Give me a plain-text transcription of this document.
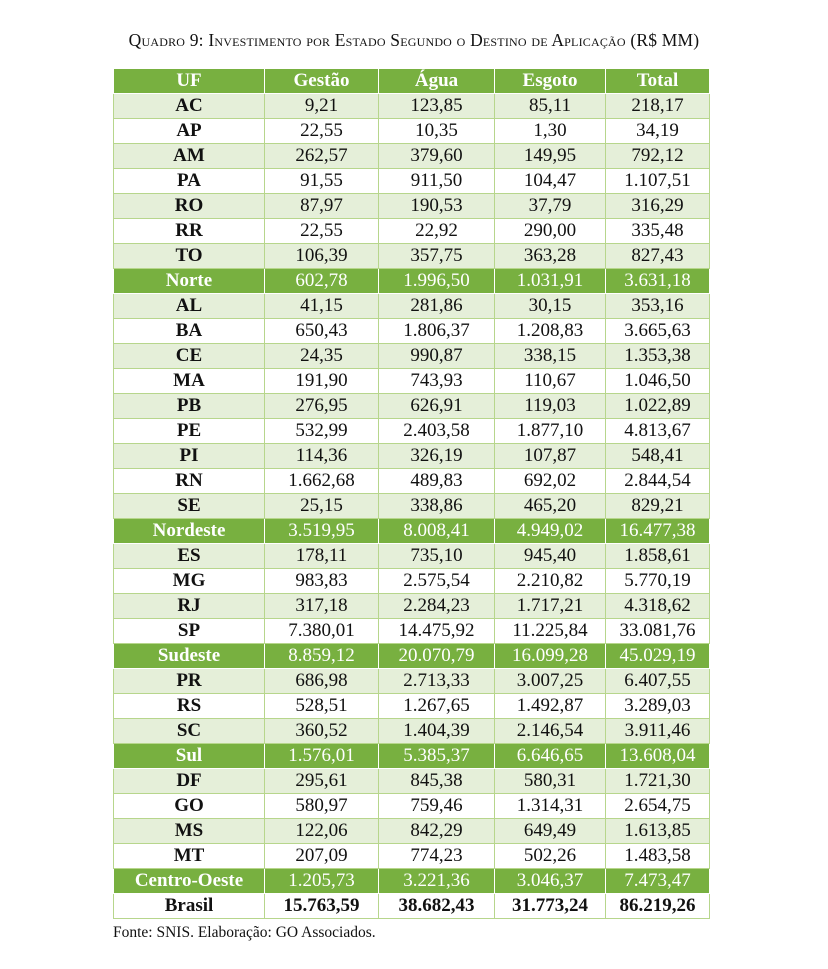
Quadro 9: Investimento por Estado Segundo o Destino de Aplicação (R$ MM)
UF	Gestão	Água	Esgoto	Total
AC	9,21	123,85	85,11	218,17
AP	22,55	10,35	1,30	34,19
AM	262,57	379,60	149,95	792,12
PA	91,55	911,50	104,47	1.107,51
RO	87,97	190,53	37,79	316,29
RR	22,55	22,92	290,00	335,48
TO	106,39	357,75	363,28	827,43
Norte	602,78	1.996,50	1.031,91	3.631,18
AL	41,15	281,86	30,15	353,16
BA	650,43	1.806,37	1.208,83	3.665,63
CE	24,35	990,87	338,15	1.353,38
MA	191,90	743,93	110,67	1.046,50
PB	276,95	626,91	119,03	1.022,89
PE	532,99	2.403,58	1.877,10	4.813,67
PI	114,36	326,19	107,87	548,41
RN	1.662,68	489,83	692,02	2.844,54
SE	25,15	338,86	465,20	829,21
Nordeste	3.519,95	8.008,41	4.949,02	16.477,38
ES	178,11	735,10	945,40	1.858,61
MG	983,83	2.575,54	2.210,82	5.770,19
RJ	317,18	2.284,23	1.717,21	4.318,62
SP	7.380,01	14.475,92	11.225,84	33.081,76
Sudeste	8.859,12	20.070,79	16.099,28	45.029,19
PR	686,98	2.713,33	3.007,25	6.407,55
RS	528,51	1.267,65	1.492,87	3.289,03
SC	360,52	1.404,39	2.146,54	3.911,46
Sul	1.576,01	5.385,37	6.646,65	13.608,04
DF	295,61	845,38	580,31	1.721,30
GO	580,97	759,46	1.314,31	2.654,75
MS	122,06	842,29	649,49	1.613,85
MT	207,09	774,23	502,26	1.483,58
Centro-Oeste	1.205,73	3.221,36	3.046,37	7.473,47
Brasil	15.763,59	38.682,43	31.773,24	86.219,26
Fonte: SNIS. Elaboração: GO Associados.
